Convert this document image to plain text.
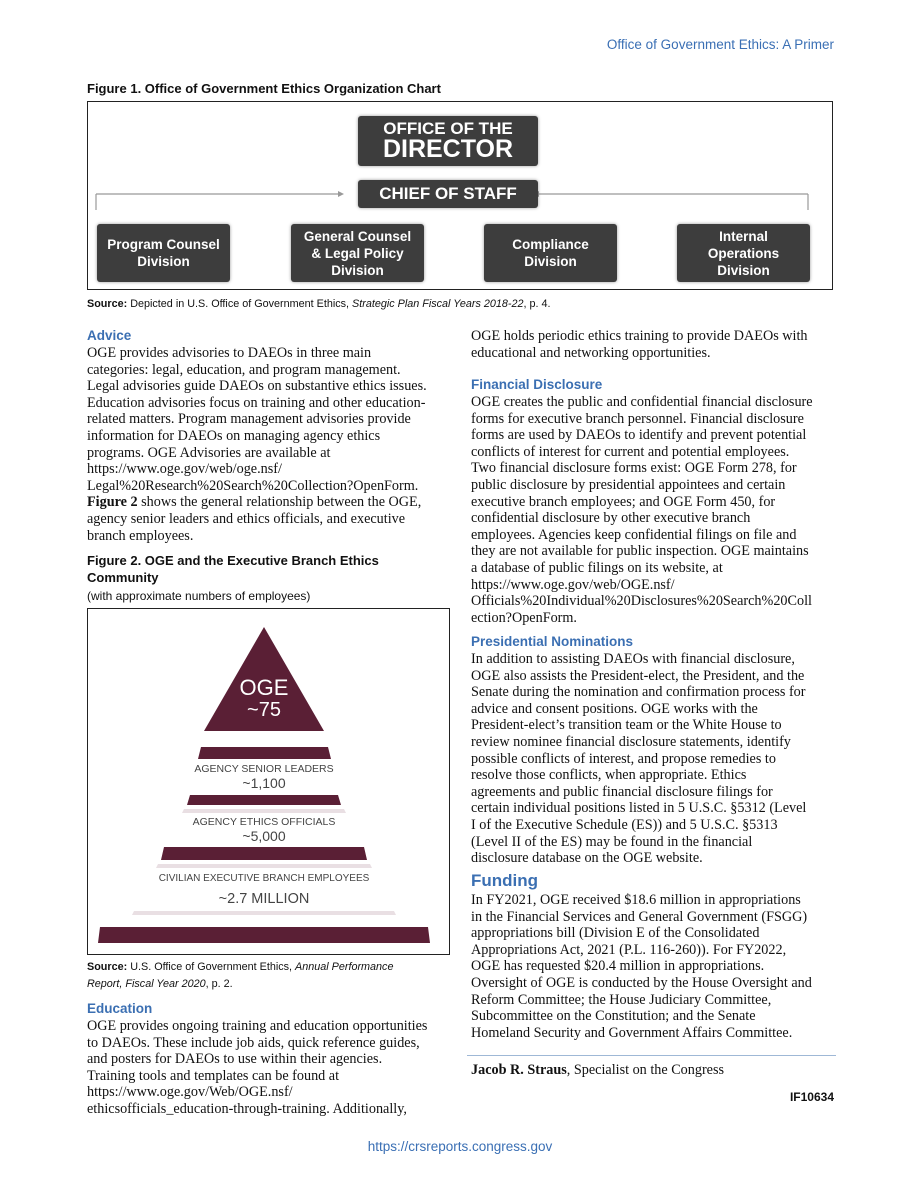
Office of Government Ethics: A Primer
Figure 1. Office of Government Ethics Organization Chart
OFFICE OF THE
DIRECTOR
CHIEF OF STAFF
Program Counsel
Division
General Counsel
& Legal Policy
Division
Compliance
Division
Internal
Operations
Division
Source: Depicted in U.S. Office of Government Ethics, Strategic Plan Fiscal Years 2018-22, p. 4.
Advice
OGE provides advisories to DAEOs in three main
categories: legal, education, and program management.
Legal advisories guide DAEOs on substantive ethics issues.
Education advisories focus on training and other education-
related matters. Program management advisories provide
information for DAEOs on managing agency ethics
programs. OGE Advisories are available at
https://www.oge.gov/web/oge.nsf/
Legal%20Research%20Search%20Collection?OpenForm.
Figure 2 shows the general relationship between the OGE,
agency senior leaders and ethics officials, and executive
branch employees.
Figure 2. OGE and the Executive Branch Ethics
Community
(with approximate numbers of employees)
OGE
~75
AGENCY SENIOR LEADERS
~1,100
AGENCY ETHICS OFFICIALS
~5,000
CIVILIAN EXECUTIVE BRANCH EMPLOYEES
~2.7 MILLION
Source: U.S. Office of Government Ethics, Annual Performance
Report, Fiscal Year 2020, p. 2.
Education
OGE provides ongoing training and education opportunities
to DAEOs. These include job aids, quick reference guides,
and posters for DAEOs to use within their agencies.
Training tools and templates can be found at
https://www.oge.gov/Web/OGE.nsf/
ethicsofficials_education-through-training. Additionally,
OGE holds periodic ethics training to provide DAEOs with
educational and networking opportunities.
Financial Disclosure
OGE creates the public and confidential financial disclosure
forms for executive branch personnel. Financial disclosure
forms are used by DAEOs to identify and prevent potential
conflicts of interest for current and potential employees.
Two financial disclosure forms exist: OGE Form 278, for
public disclosure by presidential appointees and certain
executive branch employees; and OGE Form 450, for
confidential disclosure by other executive branch
employees. Agencies keep confidential filings on file and
they are not available for public inspection. OGE maintains
a database of public filings on its website, at
https://www.oge.gov/web/OGE.nsf/
Officials%20Individual%20Disclosures%20Search%20Coll
ection?OpenForm.
Presidential Nominations
In addition to assisting DAEOs with financial disclosure,
OGE also assists the President-elect, the President, and the
Senate during the nomination and confirmation process for
advice and consent positions. OGE works with the
President-elect’s transition team or the White House to
review nominee financial disclosure statements, identify
possible conflicts of interest, and propose remedies to
resolve those conflicts, when appropriate. Ethics
agreements and public financial disclosure filings for
certain individual positions listed in 5 U.S.C. §5312 (Level
I of the Executive Schedule (ES)) and 5 U.S.C. §5313
(Level II of the ES) may be found in the financial
disclosure database on the OGE website.
Funding
In FY2021, OGE received $18.6 million in appropriations
in the Financial Services and General Government (FSGG)
appropriations bill (Division E of the Consolidated
Appropriations Act, 2021 (P.L. 116-260)). For FY2022,
OGE has requested $20.4 million in appropriations.
Oversight of OGE is conducted by the House Oversight and
Reform Committee; the House Judiciary Committee,
Subcommittee on the Constitution; and the Senate
Homeland Security and Government Affairs Committee.
Jacob R. Straus, Specialist on the Congress
IF10634
https://crsreports.congress.gov
